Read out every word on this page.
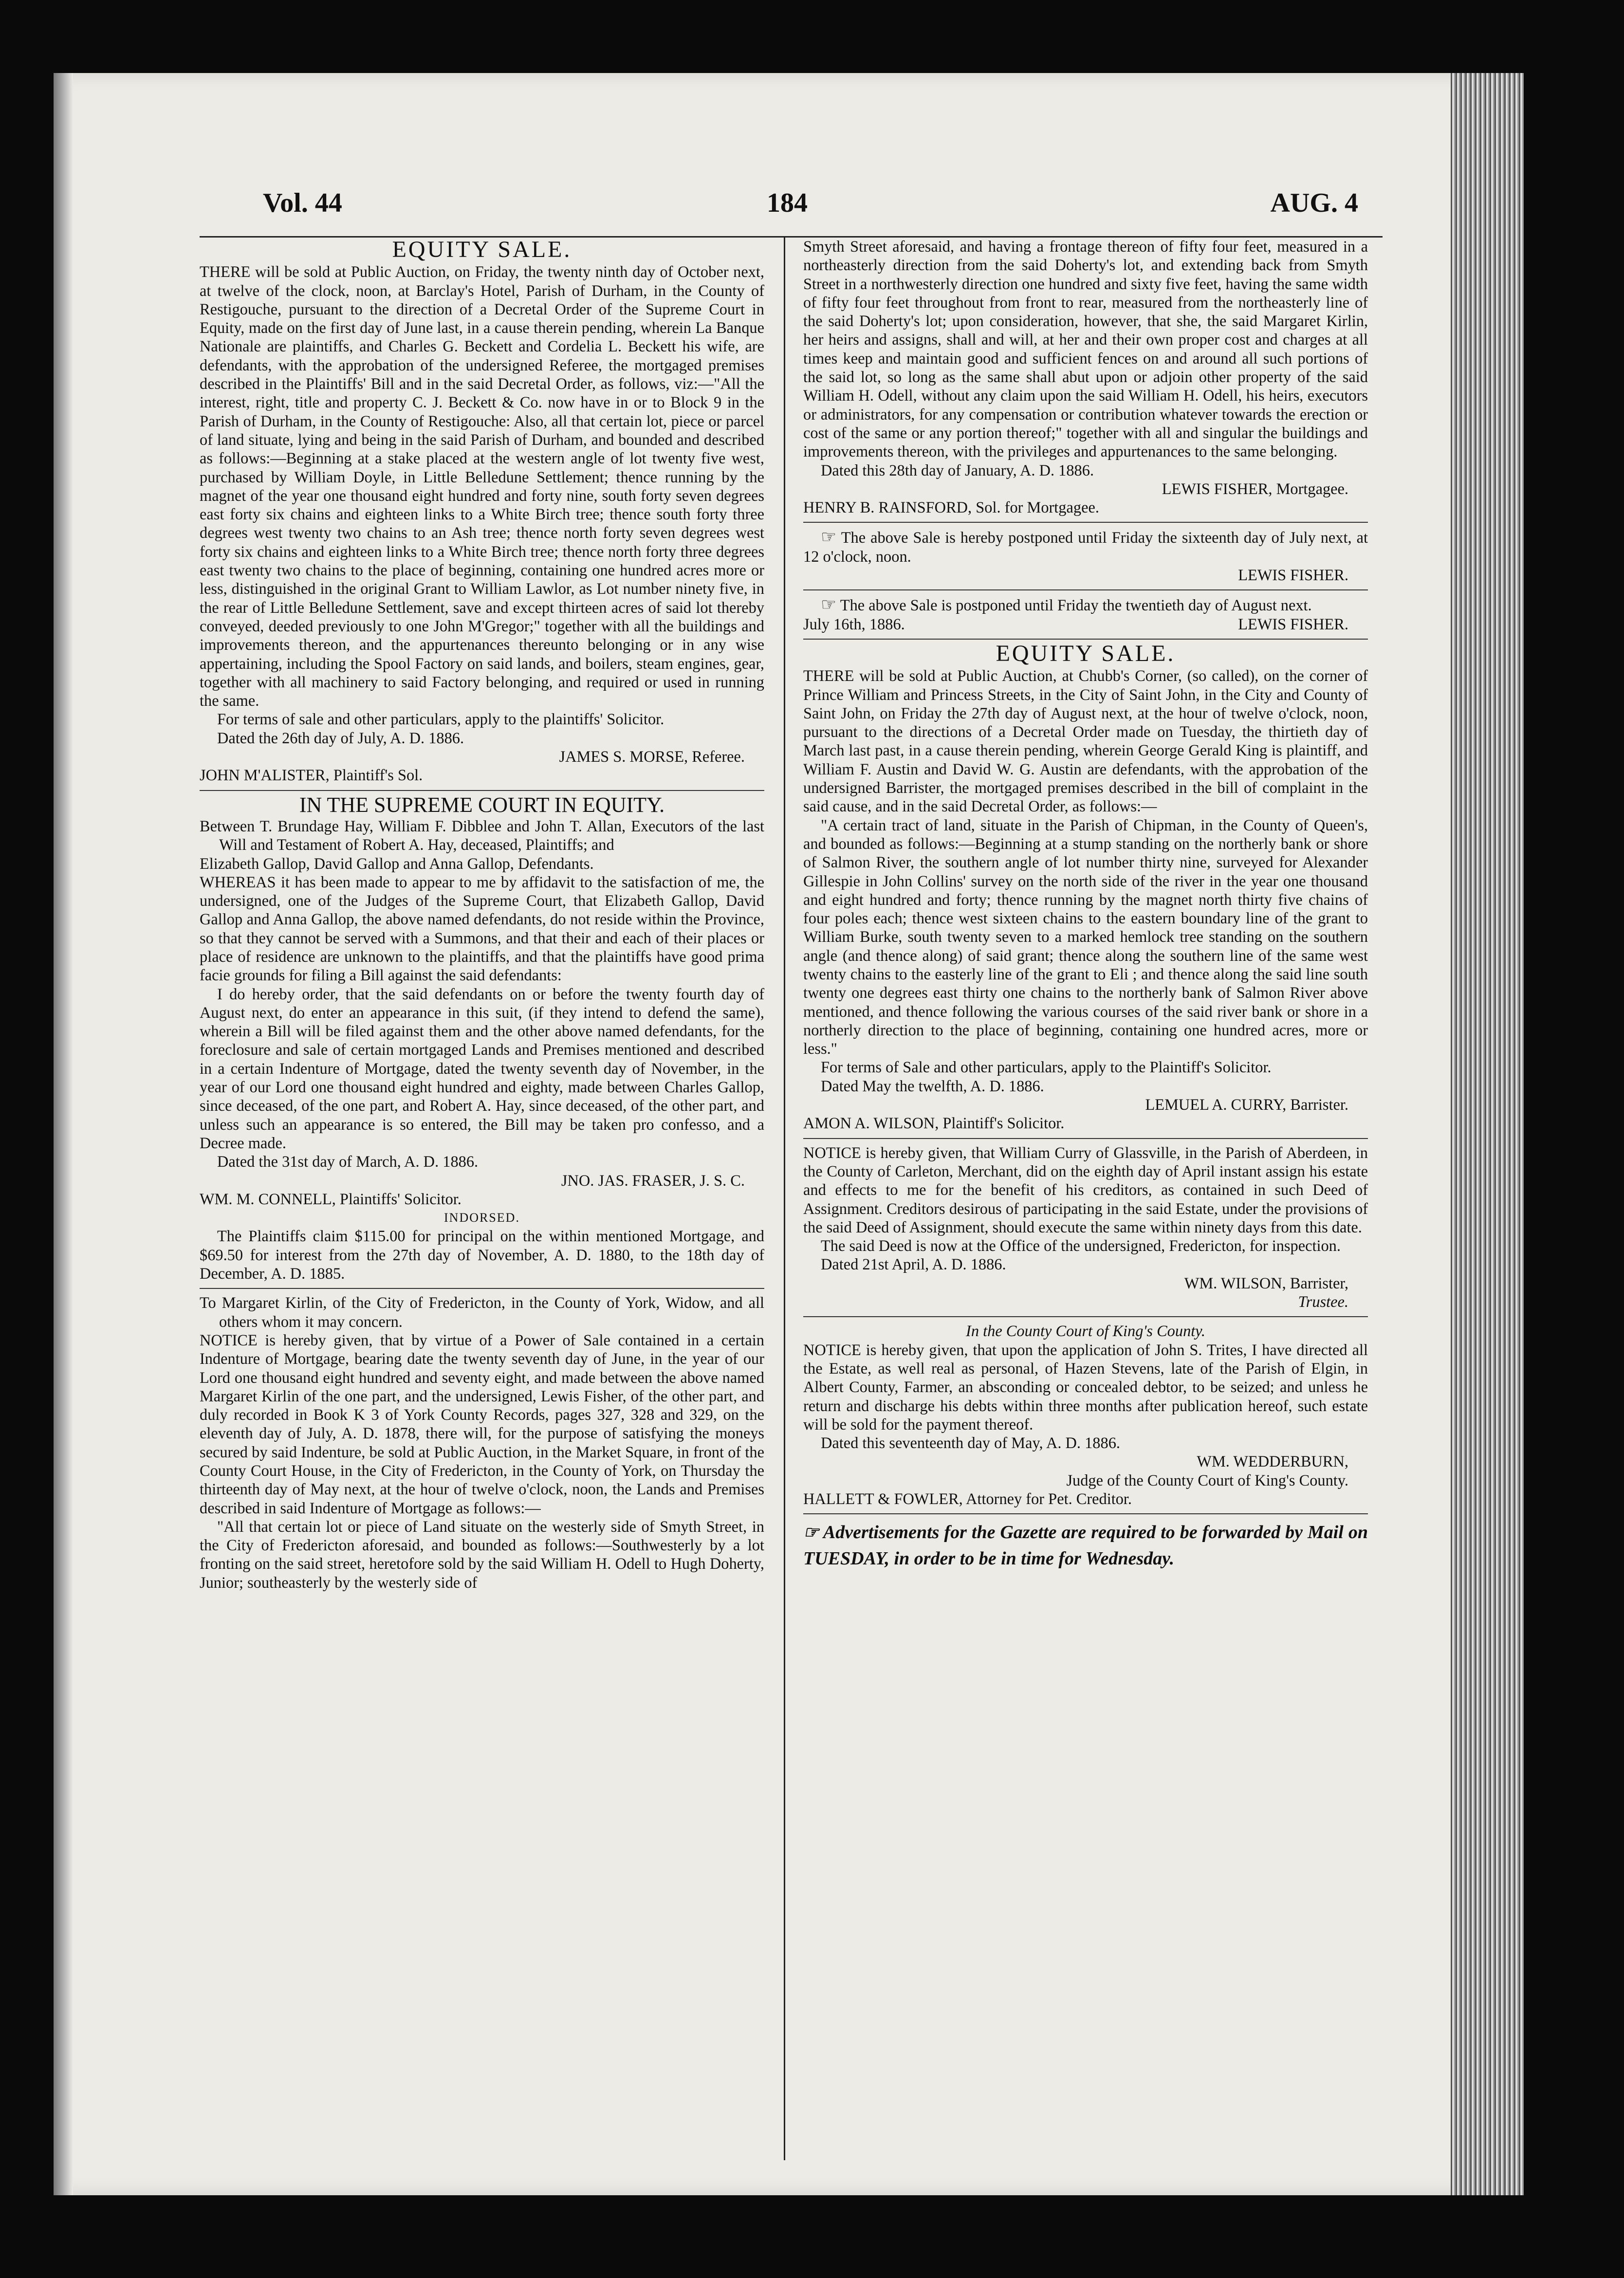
Vol. 44	184	AUG. 4

EQUITY SALE.

THERE will be sold at Public Auction, on Friday, the twenty ninth day of October next, at twelve of the clock, noon, at Barclay's Hotel, Parish of Durham, in the County of Restigouche, pursuant to the direction of a Decretal Order of the Supreme Court in Equity, made on the first day of June last, in a cause therein pending, wherein La Banque Nationale are plaintiffs, and Charles G. Beckett and Cordelia L. Beckett his wife, are defendants, with the approbation of the undersigned Referee, the mortgaged premises described in the Plaintiffs' Bill and in the said Decretal Order, as follows, viz:—"All the interest, right, title and property C. J. Beckett & Co. now have in or to Block 9 in the Parish of Durham, in the County of Restigouche: Also, all that certain lot, piece or parcel of land situate, lying and being in the said Parish of Durham, and bounded and described as follows:—Beginning at a stake placed at the western angle of lot twenty five west, purchased by William Doyle, in Little Belledune Settlement; thence running by the magnet of the year one thousand eight hundred and forty nine, south forty seven degrees east forty six chains and eighteen links to a White Birch tree; thence south forty three degrees west twenty two chains to an Ash tree; thence north forty seven degrees west forty six chains and eighteen links to a White Birch tree; thence north forty three degrees east twenty two chains to the place of beginning, containing one hundred acres more or less, distinguished in the original Grant to William Lawlor, as Lot number ninety five, in the rear of Little Belledune Settlement, save and except thirteen acres of said lot thereby conveyed, deeded previously to one John M'Gregor;" together with all the buildings and improvements thereon, and the appurtenances thereunto belonging or in any wise appertaining, including the Spool Factory on said lands, and boilers, steam engines, gear, together with all machinery to said Factory belonging, and required or used in running the same.

For terms of sale and other particulars, apply to the plaintiffs' Solicitor.

Dated the 26th day of July, A. D. 1886.

JAMES S. MORSE, Referee.

JOHN M'ALISTER, Plaintiff's Sol.

IN THE SUPREME COURT IN EQUITY.

Between T. Brundage Hay, William F. Dibblee and John T. Allan, Executors of the last Will and Testament of Robert A. Hay, deceased, Plaintiffs; and

Elizabeth Gallop, David Gallop and Anna Gallop, Defendants.

WHEREAS it has been made to appear to me by affidavit to the satisfaction of me, the undersigned, one of the Judges of the Supreme Court, that Elizabeth Gallop, David Gallop and Anna Gallop, the above named defendants, do not reside within the Province, so that they cannot be served with a Summons, and that their and each of their places or place of residence are unknown to the plaintiffs, and that the plaintiffs have good prima facie grounds for filing a Bill against the said defendants:

I do hereby order, that the said defendants on or before the twenty fourth day of August next, do enter an appearance in this suit, (if they intend to defend the same), wherein a Bill will be filed against them and the other above named defendants, for the foreclosure and sale of certain mortgaged Lands and Premises mentioned and described in a certain Indenture of Mortgage, dated the twenty seventh day of November, in the year of our Lord one thousand eight hundred and eighty, made between Charles Gallop, since deceased, of the one part, and Robert A. Hay, since deceased, of the other part, and unless such an appearance is so entered, the Bill may be taken pro confesso, and a Decree made.

Dated the 31st day of March, A. D. 1886.

JNO. JAS. FRASER, J. S. C.

WM. M. CONNELL, Plaintiffs' Solicitor.

INDORSED.

The Plaintiffs claim $115.00 for principal on the within mentioned Mortgage, and $69.50 for interest from the 27th day of November, A. D. 1880, to the 18th day of December, A. D. 1885.

To Margaret Kirlin, of the City of Fredericton, in the County of York, Widow, and all others whom it may concern.

NOTICE is hereby given, that by virtue of a Power of Sale contained in a certain Indenture of Mortgage, bearing date the twenty seventh day of June, in the year of our Lord one thousand eight hundred and seventy eight, and made between the above named Margaret Kirlin of the one part, and the undersigned, Lewis Fisher, of the other part, and duly recorded in Book K 3 of York County Records, pages 327, 328 and 329, on the eleventh day of July, A. D. 1878, there will, for the purpose of satisfying the moneys secured by said Indenture, be sold at Public Auction, in the Market Square, in front of the County Court House, in the City of Fredericton, in the County of York, on Thursday the thirteenth day of May next, at the hour of twelve o'clock, noon, the Lands and Premises described in said Indenture of Mortgage as follows:—

"All that certain lot or piece of Land situate on the westerly side of Smyth Street, in the City of Fredericton aforesaid, and bounded as follows:—Southwesterly by a lot fronting on the said street, heretofore sold by the said William H. Odell to Hugh Doherty, Junior; southeasterly by the westerly side of

Smyth Street aforesaid, and having a frontage thereon of fifty four feet, measured in a northeasterly direction from the said Doherty's lot, and extending back from Smyth Street in a northwesterly direction one hundred and sixty five feet, having the same width of fifty four feet throughout from front to rear, measured from the northeasterly line of the said Doherty's lot; upon consideration, however, that she, the said Margaret Kirlin, her heirs and assigns, shall and will, at her and their own proper cost and charges at all times keep and maintain good and sufficient fences on and around all such portions of the said lot, so long as the same shall abut upon or adjoin other property of the said William H. Odell, without any claim upon the said William H. Odell, his heirs, executors or administrators, for any compensation or contribution whatever towards the erection or cost of the same or any portion thereof;" together with all and singular the buildings and improvements thereon, with the privileges and appurtenances to the same belonging.

Dated this 28th day of January, A. D. 1886.

LEWIS FISHER, Mortgagee.

HENRY B. RAINSFORD, Sol. for Mortgagee.

☞ The above Sale is hereby postponed until Friday the sixteenth day of July next, at 12 o'clock, noon.

LEWIS FISHER.

☞ The above Sale is postponed until Friday the twentieth day of August next.

July 16th, 1886.	LEWIS FISHER.

EQUITY SALE.

THERE will be sold at Public Auction, at Chubb's Corner, (so called), on the corner of Prince William and Princess Streets, in the City of Saint John, in the City and County of Saint John, on Friday the 27th day of August next, at the hour of twelve o'clock, noon, pursuant to the directions of a Decretal Order made on Tuesday, the thirtieth day of March last past, in a cause therein pending, wherein George Gerald King is plaintiff, and William F. Austin and David W. G. Austin are defendants, with the approbation of the undersigned Barrister, the mortgaged premises described in the bill of complaint in the said cause, and in the said Decretal Order, as follows:—

"A certain tract of land, situate in the Parish of Chipman, in the County of Queen's, and bounded as follows:—Beginning at a stump standing on the northerly bank or shore of Salmon River, the southern angle of lot number thirty nine, surveyed for Alexander Gillespie in John Collins' survey on the north side of the river in the year one thousand and eight hundred and forty; thence running by the magnet north thirty five chains of four poles each; thence west sixteen chains to the eastern boundary line of the grant to William Burke, south twenty seven to a marked hemlock tree standing on the southern angle (and thence along) of said grant; thence along the southern line of the same west twenty chains to the easterly line of the grant to Eli ; and thence along the said line south twenty one degrees east thirty one chains to the northerly bank of Salmon River above mentioned, and thence following the various courses of the said river bank or shore in a northerly direction to the place of beginning, containing one hundred acres, more or less."

For terms of Sale and other particulars, apply to the Plaintiff's Solicitor.

Dated May the twelfth, A. D. 1886.

LEMUEL A. CURRY, Barrister.

AMON A. WILSON, Plaintiff's Solicitor.

NOTICE is hereby given, that William Curry of Glassville, in the Parish of Aberdeen, in the County of Carleton, Merchant, did on the eighth day of April instant assign his estate and effects to me for the benefit of his creditors, as contained in such Deed of Assignment. Creditors desirous of participating in the said Estate, under the provisions of the said Deed of Assignment, should execute the same within ninety days from this date.

The said Deed is now at the Office of the undersigned, Fredericton, for inspection.

Dated 21st April, A. D. 1886.

WM. WILSON, Barrister,

Trustee.

In the County Court of King's County.

NOTICE is hereby given, that upon the application of John S. Trites, I have directed all the Estate, as well real as personal, of Hazen Stevens, late of the Parish of Elgin, in Albert County, Farmer, an absconding or concealed debtor, to be seized; and unless he return and discharge his debts within three months after publication hereof, such estate will be sold for the payment thereof.

Dated this seventeenth day of May, A. D. 1886.

WM. WEDDERBURN,

Judge of the County Court of King's County.

HALLETT & FOWLER, Attorney for Pet. Creditor.

☞ Advertisements for the Gazette are required to be forwarded by Mail on TUESDAY, in order to be in time for Wednesday.
